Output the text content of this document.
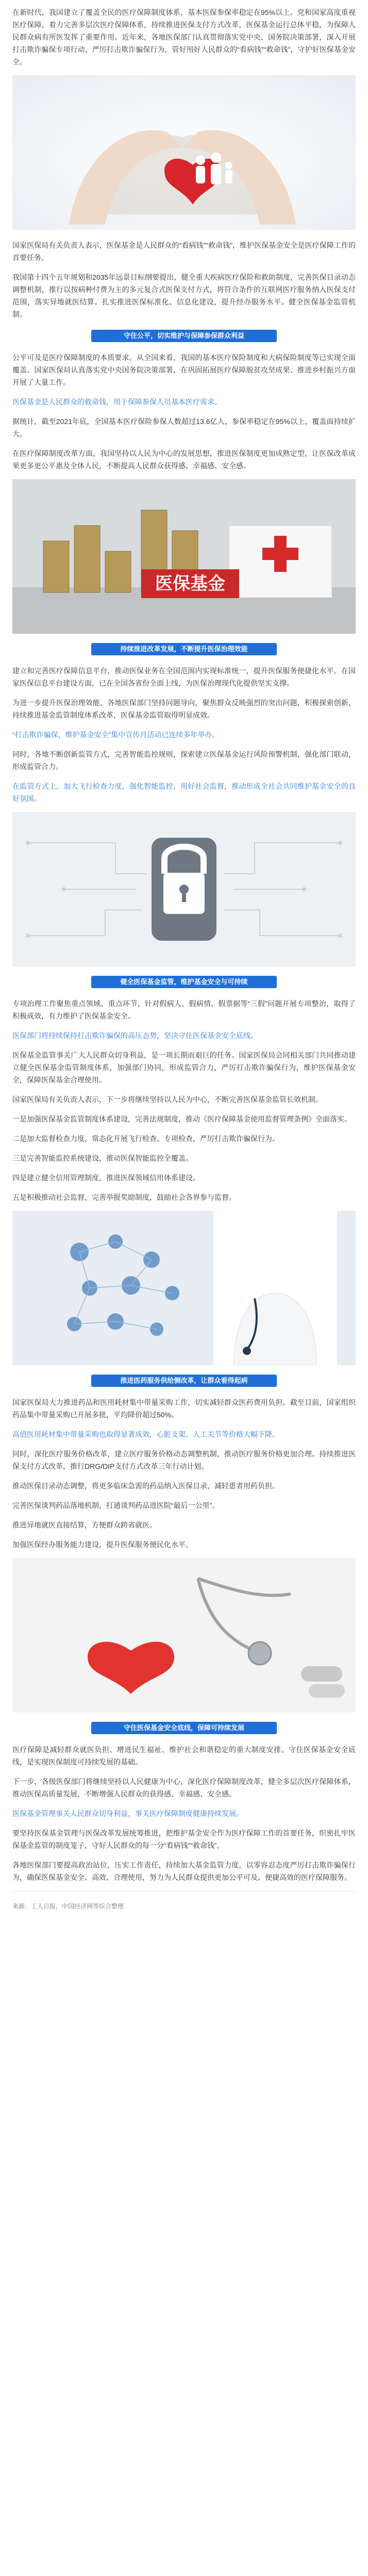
在新时代，我国建立了覆盖全民的医疗保障制度体系，基本医保参保率稳定在95%以上。党和国家高度重视医疗保障，着力完善多层次医疗保障体系，持续推进医保支付方式改革，医保基金运行总体平稳，为保障人民群众病有所医发挥了重要作用。近年来，各地医保部门认真贯彻落实党中央、国务院决策部署，深入开展打击欺诈骗保专项行动，严厉打击欺诈骗保行为，管好用好人民群众的“看病钱”“救命钱”，守护好医保基金安全。

国家医保局有关负责人表示，医保基金是人民群众的“看病钱”“救命钱”，维护医保基金安全是医疗保障工作的首要任务。

我国第十四个五年规划和2035年远景目标纲要提出，健全重大疾病医疗保险和救助制度，完善医保目录动态调整机制，推行以按病种付费为主的多元复合式医保支付方式，将符合条件的互联网医疗服务纳入医保支付范围，落实异地就医结算。扎实推进医保标准化、信息化建设，提升经办服务水平。健全医保基金监管机制。

守住公平，切实维护与保障参保群众利益

公平可及是医疗保障制度的本质要求。从全国来看，我国的基本医疗保险制度和大病保险制度等已实现全面覆盖。国家医保局认真落实党中央国务院决策部署，在巩固拓展医疗保障脱贫攻坚成果、推进乡村振兴方面开展了大量工作。

医保基金是人民群众的救命钱，用于保障参保人员基本医疗需求。

据统计，截至2021年底，全国基本医疗保险参保人数超过13.6亿人，参保率稳定在95%以上，覆盖面持续扩大。

在医疗保障制度改革方面，我国坚持以人民为中心的发展思想，推进医保制度更加成熟定型，让医保改革成果更多更公平惠及全体人民，不断提高人民群众获得感、幸福感、安全感。

医保基金
持续推进改革发展，不断提升医保治理效能

建立和完善医疗保障信息平台，推动医保业务在全国范围内实现标准统一，提升医保服务便捷化水平。在国家医保信息平台建设方面，已在全国各省份全面上线，为医保治理现代化提供坚实支撑。

为进一步提升医保治理效能，各地医保部门坚持问题导向，聚焦群众反映强烈的突出问题，积极探索创新，持续推进基金监管制度体系改革，医保基金监管取得明显成效。

“打击欺诈骗保，维护基金安全”集中宣传月活动已连续多年举办。

同时，各地不断创新监管方式，完善智能监控规则，探索建立医保基金运行风险预警机制，强化部门联动，形成监管合力。

在监管方式上，加大飞行检查力度，强化智能监控，用好社会监督，推动形成全社会共同维护基金安全的良好氛围。

健全医保基金监管，维护基金安全与可持续

专项治理工作聚焦重点领域、重点环节，针对假病人、假病情、假票据等“三假”问题开展专项整治，取得了积极成效，有力维护了医保基金安全。

医保部门将持续保持打击欺诈骗保的高压态势，坚决守住医保基金安全底线。

医保基金监管事关广大人民群众切身利益，是一项长期而艰巨的任务。国家医保局会同相关部门共同推动建立健全医保基金监管制度体系，加强部门协同，形成监管合力，严厉打击欺诈骗保行为，维护医保基金安全，保障医保基金合理使用。

国家医保局有关负责人表示，下一步将继续坚持以人民为中心，不断完善医保基金监管长效机制。

一是加强医保基金监管制度体系建设，完善法规制度，推动《医疗保障基金使用监督管理条例》全面落实。

二是加大监督检查力度，常态化开展飞行检查、专项检查，严厉打击欺诈骗保行为。

三是完善智能监控系统建设，推动医保智能监控全覆盖。

四是建立健全信用管理制度，推进医保领域信用体系建设。

五是积极推动社会监督，完善举报奖励制度，鼓励社会各界参与监督。

推进医药服务供给侧改革，让群众看得起病

国家医保局大力推进药品和医用耗材集中带量采购工作，切实减轻群众医药费用负担。截至目前，国家组织药品集中带量采购已开展多批，平均降价超过50%。

高值医用耗材集中带量采购也取得显著成效，心脏支架、人工关节等价格大幅下降。

同时，深化医疗服务价格改革，建立医疗服务价格动态调整机制，推动医疗服务价格更加合理。持续推进医保支付方式改革，推行DRG/DIP支付方式改革三年行动计划。

推动医保目录动态调整，将更多临床急需的药品纳入医保目录，减轻患者用药负担。

完善医保谈判药品落地机制，打通谈判药品进医院“最后一公里”。

推进异地就医直接结算，方便群众跨省就医。

加强医保经办服务能力建设，提升医保服务便民化水平。

守住医保基金安全底线，保障可持续发展

医疗保障是减轻群众就医负担、增进民生福祉、维护社会和谐稳定的重大制度安排。守住医保基金安全底线，是实现医保制度可持续发展的基础。

下一步，各级医保部门将继续坚持以人民健康为中心，深化医疗保障制度改革，健全多层次医疗保障体系，推动医保高质量发展，不断增强人民群众的获得感、幸福感、安全感。

医保基金管理事关人民群众切身利益，事关医疗保障制度健康持续发展。

要坚持医保基金管理与医保改革发展统筹推进，把维护基金安全作为医疗保障工作的首要任务，织密扎牢医保基金监管的制度笼子，守好人民群众的每一分“看病钱”“救命钱”。

各地医保部门要提高政治站位，压实工作责任，持续加大基金监管力度，以零容忍态度严厉打击欺诈骗保行为，确保医保基金安全、高效、合理使用，努力为人民群众提供更加公平可及、便捷高效的医疗保障服务。

来源：工人日报，中国经济网等综合整理
